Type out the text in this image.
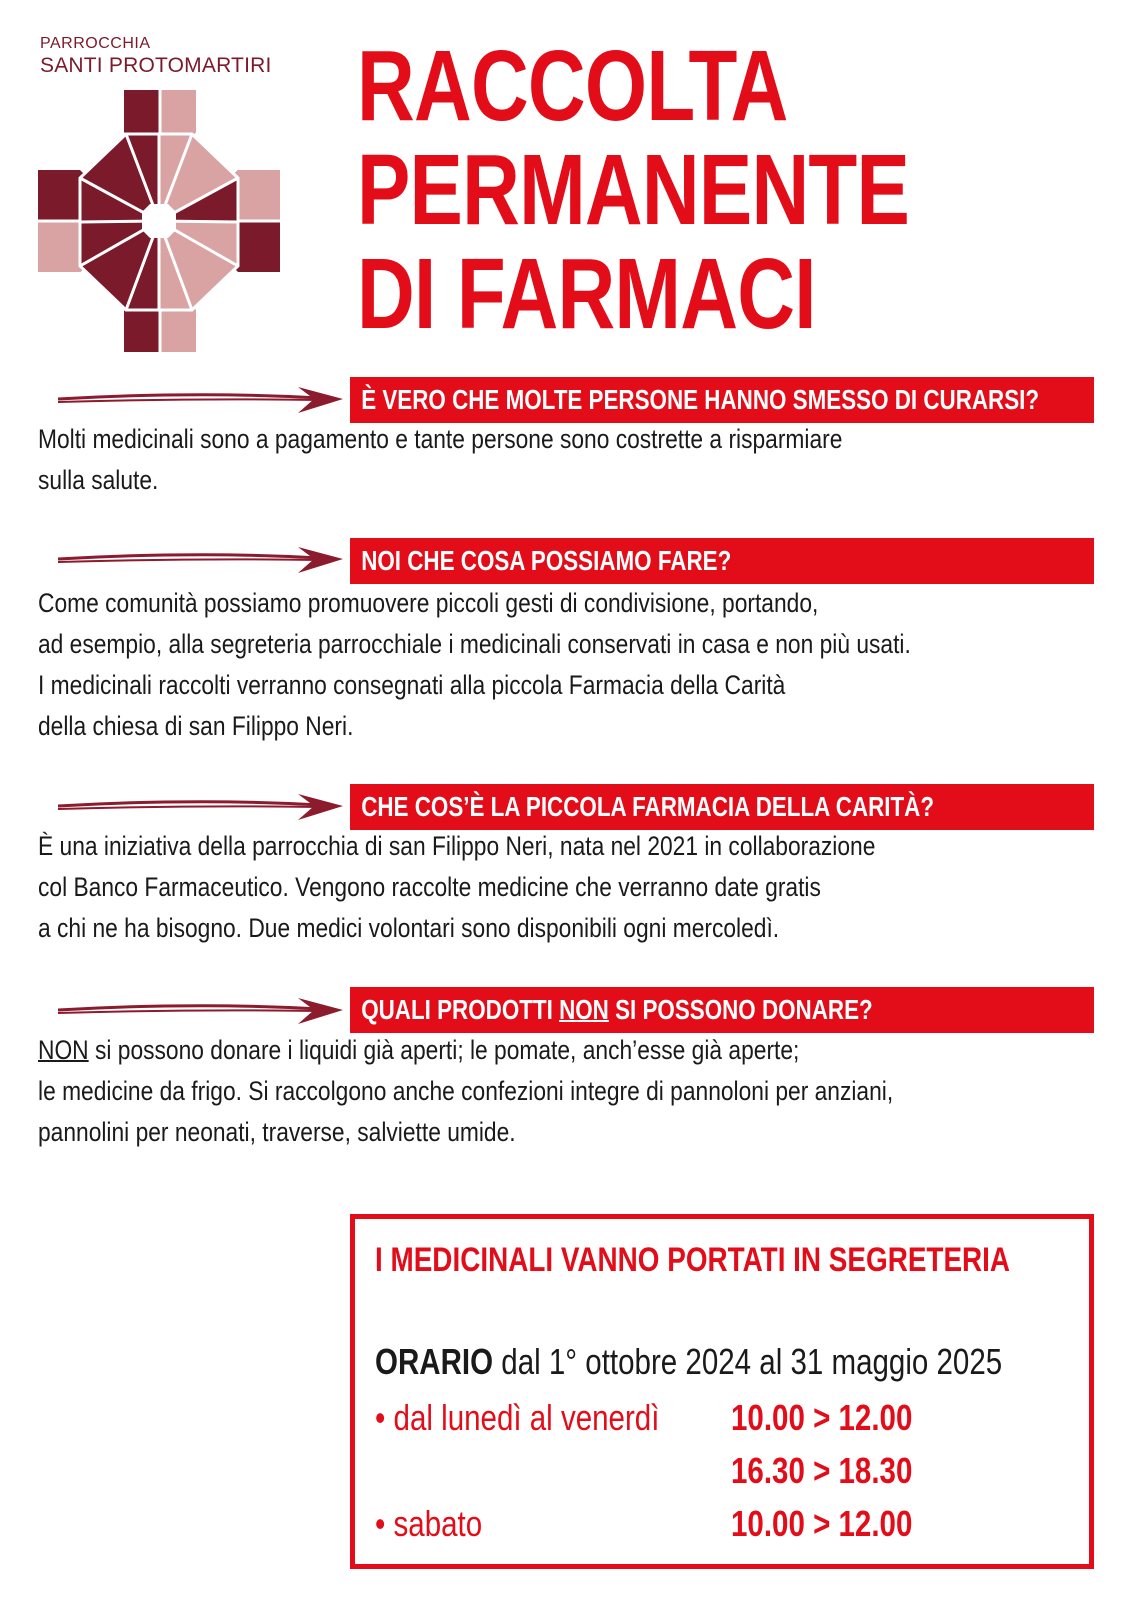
PARROCCHIA
SANTI PROTOMARTIRI RACCOLTA
PERMANENTE
DI FARMACI
È VERO CHE MOLTE PERSONE HANNO SMESSO DI CURARSI?
Molti medicinali sono a pagamento e tante persone sono costrette a risparmiare
sulla salute.
NOI CHE COSA POSSIAMO FARE?
Come comunità possiamo promuovere piccoli gesti di condivisione, portando,
ad esempio, alla segreteria parrocchiale i medicinali conservati in casa e non più usati.
I medicinali raccolti verranno consegnati alla piccola Farmacia della Carità
della chiesa di san Filippo Neri.
CHE COS’È LA PICCOLA FARMACIA DELLA CARITÀ?
È una iniziativa della parrocchia di san Filippo Neri, nata nel 2021 in collaborazione
col Banco Farmaceutico. Vengono raccolte medicine che verranno date gratis
a chi ne ha bisogno. Due medici volontari sono disponibili ogni mercoledì.
QUALI PRODOTTI NON SI POSSONO DONARE?
NON si possono donare i liquidi già aperti; le pomate, anch’esse già aperte;
le medicine da frigo. Si raccolgono anche confezioni integre di pannoloni per anziani,
pannolini per neonati, traverse, salviette umide.
I MEDICINALI VANNO PORTATI IN SEGRETERIA
ORARIO dal 1° ottobre 2024 al 31 maggio 2025
• dal lunedì al venerdì 10.00 > 12.00
16.30 > 18.30
• sabato	10.00 > 12.00
